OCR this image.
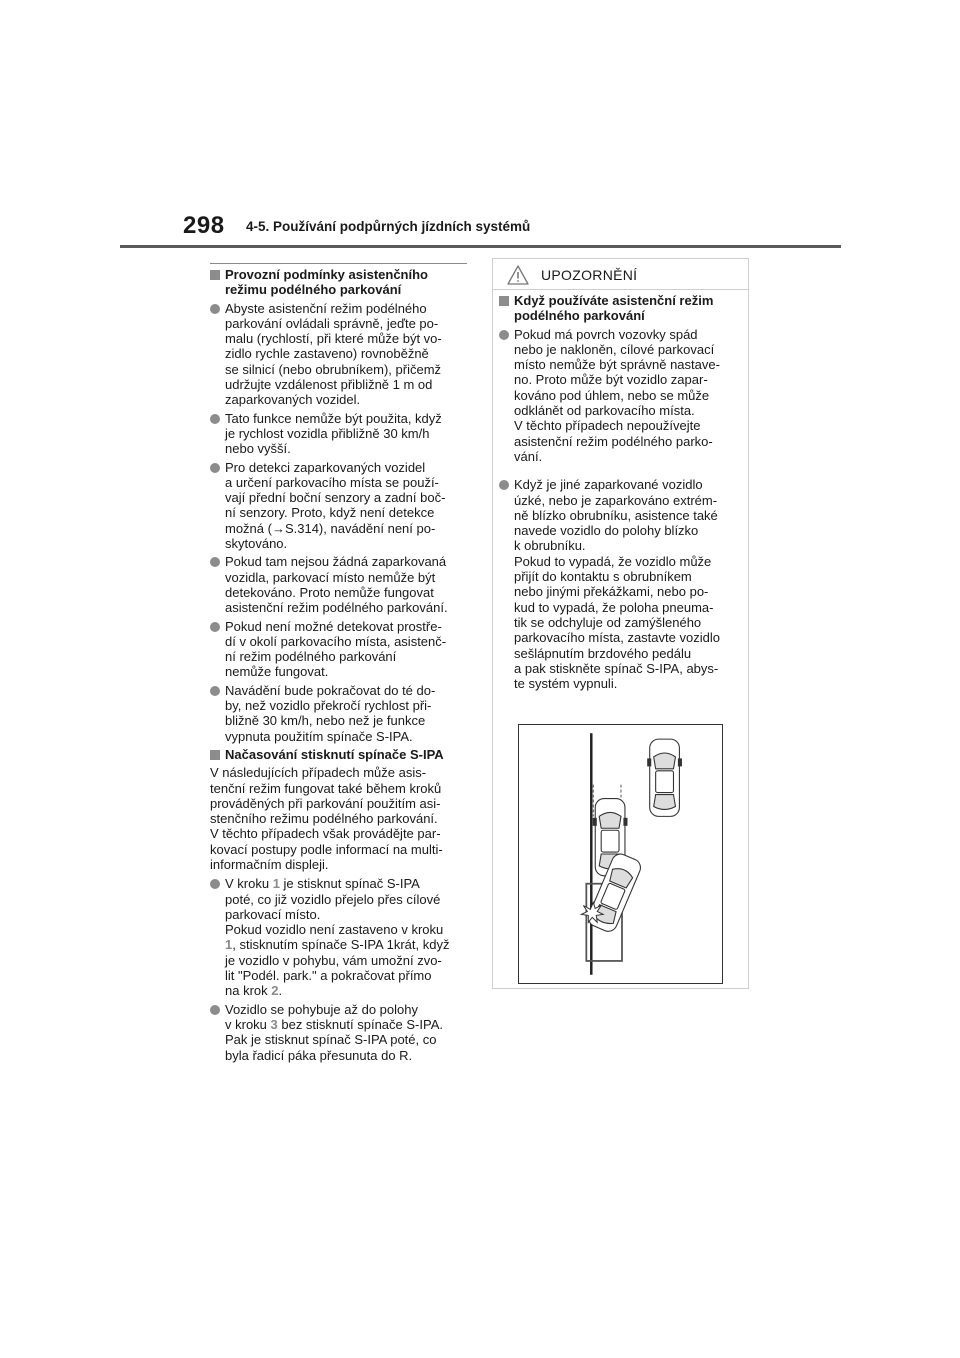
298 4-5. Používání podpůrných jízdních systémů
Provozní podmínky asistenčního
režimu podélného parkování
Abyste asistenční režim podélného
parkování ovládali správně, jeďte po-
malu (rychlostí, při které může být vo-
zidlo rychle zastaveno) rovnoběžně
se silnicí (nebo obrubníkem), přičemž
udržujte vzdálenost přibližně 1 m od
zaparkovaných vozidel.
Tato funkce nemůže být použita, když
je rychlost vozidla přibližně 30 km/h
nebo vyšší.
Pro detekci zaparkovaných vozidel
a určení parkovacího místa se použí-
vají přední boční senzory a zadní boč-
ní senzory. Proto, když není detekce
možná (→S.314), navádění není po-
skytováno.
Pokud tam nejsou žádná zaparkovaná
vozidla, parkovací místo nemůže být
detekováno. Proto nemůže fungovat
asistenční režim podélného parkování.
Pokud není možné detekovat prostře-
dí v okolí parkovacího místa, asistenč-
ní režim podélného parkování
nemůže fungovat.
Navádění bude pokračovat do té do-
by, než vozidlo překročí rychlost při-
bližně 30 km/h, nebo než je funkce
vypnuta použitím spínače S-IPA.
Načasování stisknutí spínače S-IPA
V následujících případech může asis-
tenční režim fungovat také během kroků
prováděných při parkování použitím asi-
stenčního režimu podélného parkování.
V těchto případech však provádějte par-
kovací postupy podle informací na multi-
informačním displeji.
V kroku 1 je stisknut spínač S-IPA
poté, co již vozidlo přejelo přes cílové
parkovací místo.
Pokud vozidlo není zastaveno v kroku
1, stisknutím spínače S-IPA 1krát, když
je vozidlo v pohybu, vám umožní zvo-
lit "Podél. park." a pokračovat přímo
na krok 2.
Vozidlo se pohybuje až do polohy
v kroku 3 bez stisknutí spínače S-IPA.
Pak je stisknut spínač S-IPA poté, co
byla řadicí páka přesunuta do R.
UPOZORNĚNÍ
Když používáte asistenční režim
podélného parkování
Pokud má povrch vozovky spád
nebo je nakloněn, cílové parkovací
místo nemůže být správně nastave-
no. Proto může být vozidlo zapar-
kováno pod úhlem, nebo se může
odklánět od parkovacího místa.
V těchto případech nepoužívejte
asistenční režim podélného parko-
vání.
Když je jiné zaparkované vozidlo
úzké, nebo je zaparkováno extrém-
ně blízko obrubníku, asistence také
navede vozidlo do polohy blízko
k obrubníku.
Pokud to vypadá, že vozidlo může
přijít do kontaktu s obrubníkem
nebo jinými překážkami, nebo po-
kud to vypadá, že poloha pneuma-
tik se odchyluje od zamýšleného
parkovacího místa, zastavte vozidlo
sešlápnutím brzdového pedálu
a pak stiskněte spínač S-IPA, abys-
te systém vypnuli.
